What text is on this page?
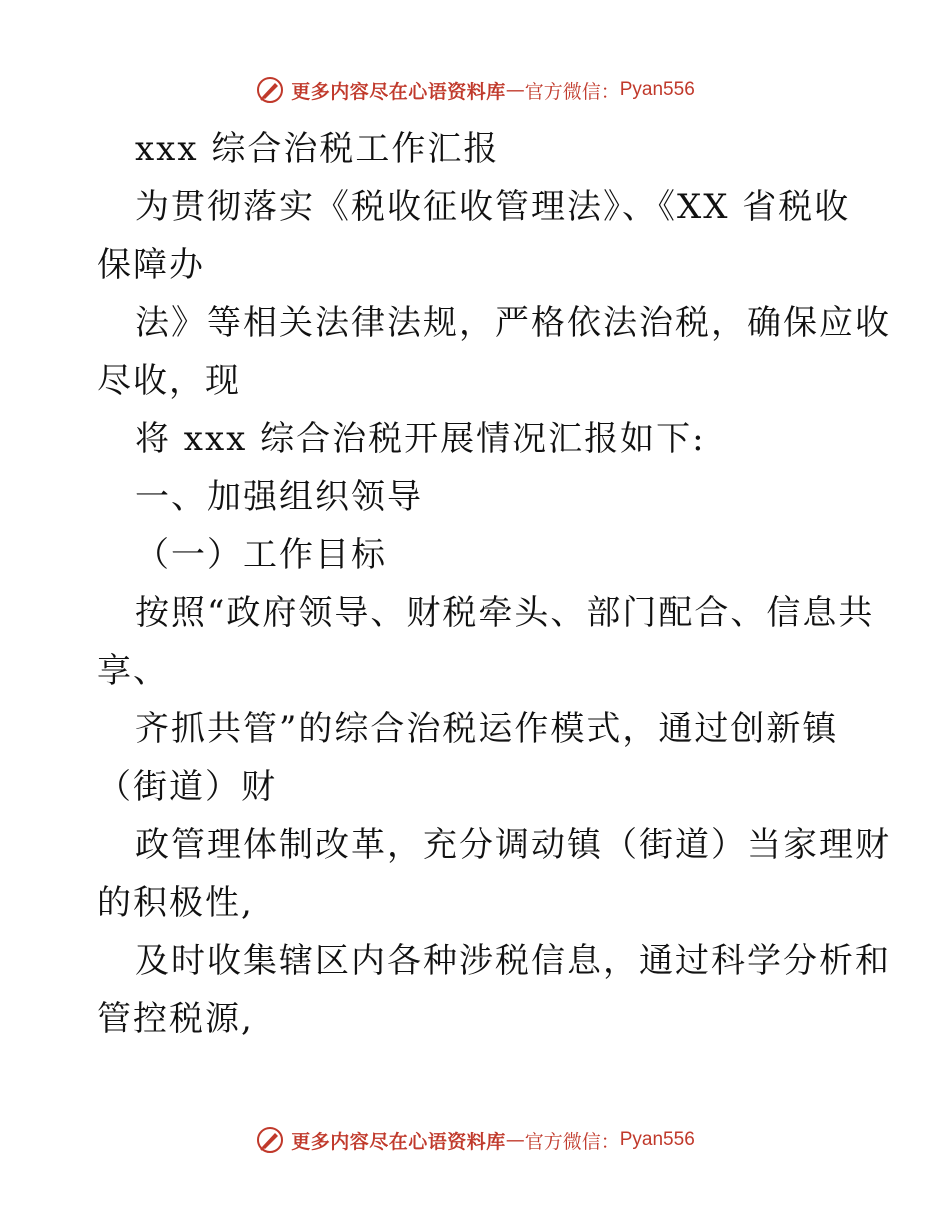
更多内容尽在心语资料库 — 官方微信： Pyan556
xxx 综合治税工作汇报
为贯彻落实《税收征收管理法》、《XX 省税收
保障办
法》等相关法律法规，严格依法治税，确保应收
尽收，现
将 xxx 综合治税开展情况汇报如下:
一、加强组织领导
（一）工作目标
按照“政府领导、财税牵头、部门配合、信息共
享、
齐抓共管”的综合治税运作模式，通过创新镇
（街道）财
政管理体制改革，充分调动镇（街道）当家理财
的积极性,
及时收集辖区内各种涉税信息，通过科学分析和
管控税源,
更多内容尽在心语资料库 — 官方微信： Pyan556
